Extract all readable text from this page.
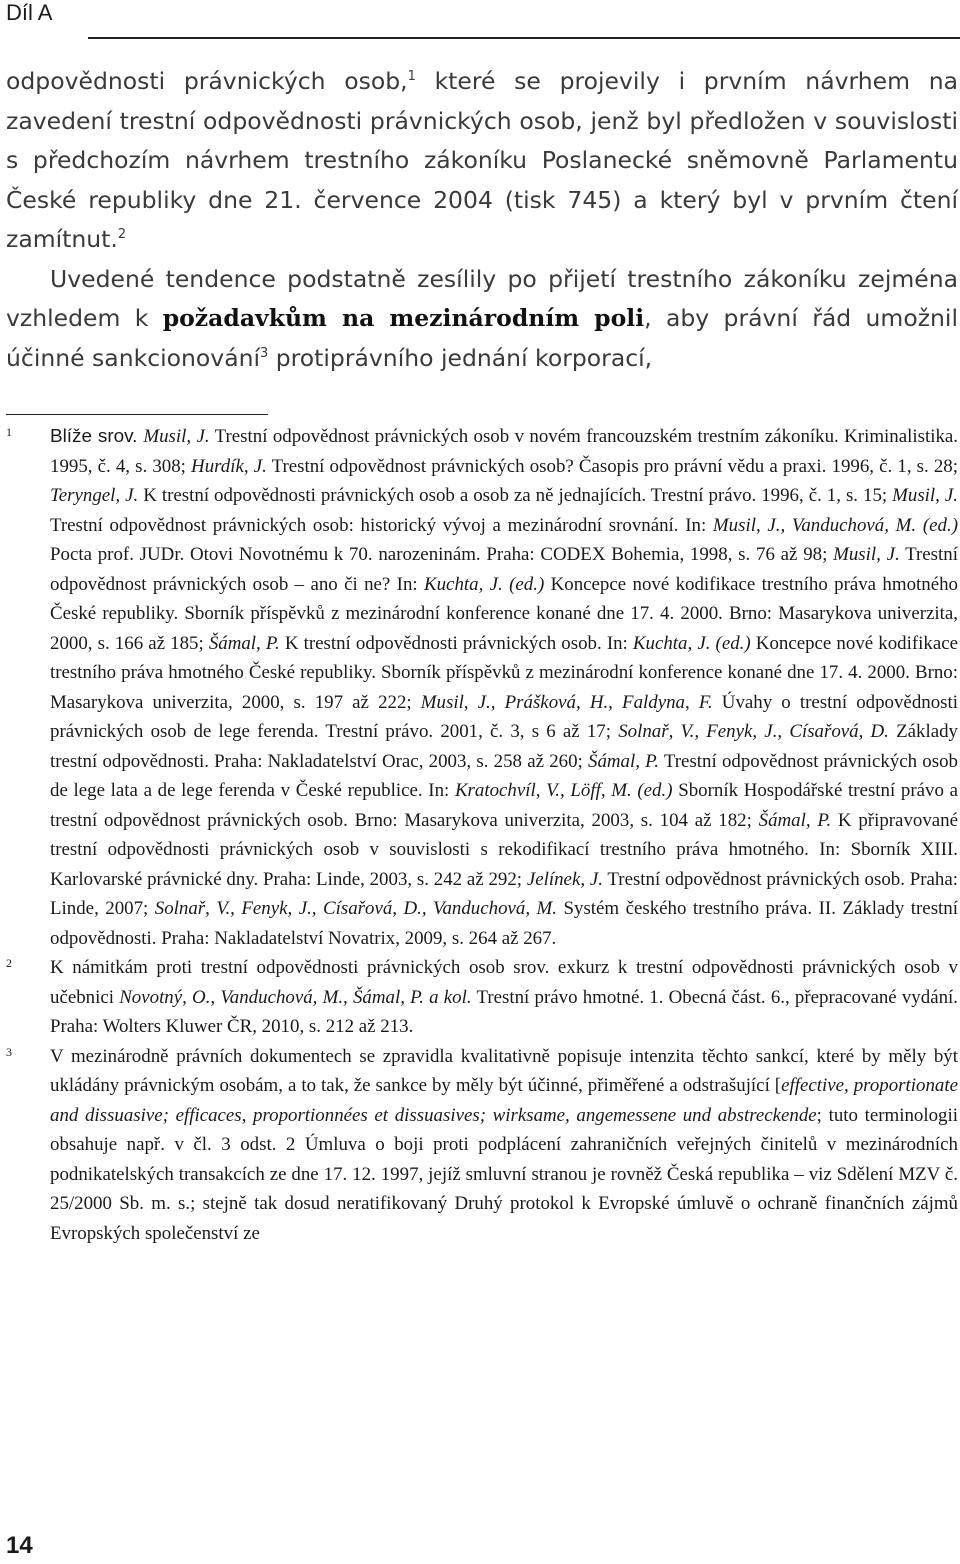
Díl A

odpovědnosti právnických osob,$^1$ které se projevily i prvním návrhem na zavedení trestní odpovědnosti právnických osob, jenž byl předložen v souvislosti s předchozím návrhem trestního zákoníku Poslanecké sněmovně Parlamentu České republiky dne 21. července 2004 (tisk 745) a který byl v prvním čtení zamítnut.$^2$

Uvedené tendence podstatně zesílily po přijetí trestního zákoníku zejména vzhledem k požadavkům na mezinárodním poli, aby právní řád umožnil účinné sankcionování$^3$ protiprávního jednání korporací,

1 Blíže srov. Musil, J. Trestní odpovědnost právnických osob v novém francouzském trestním zákoníku. Kriminalistika. 1995, č. 4, s. 308; Hurdík, J. Trestní odpovědnost právnických osob? Časopis pro právní vědu a praxi. 1996, č. 1, s. 28; Teryngel, J. K trestní odpovědnosti právnických osob a osob za ně jednajících. Trestní právo. 1996, č. 1, s. 15; Musil, J. Trestní odpovědnost právnických osob: historický vývoj a mezinárodní srovnání. In: Musil, J., Vanduchová, M. (ed.) Pocta prof. JUDr. Otovi Novotnému k 70. narozeninám. Praha: CODEX Bohemia, 1998, s. 76 až 98; Musil, J. Trestní odpovědnost právnických osob – ano či ne? In: Kuchta, J. (ed.) Koncepce nové kodifikace trestního práva hmotného České republiky. Sborník příspěvků z mezinárodní konference konané dne 17. 4. 2000. Brno: Masarykova univerzita, 2000, s. 166 až 185; Šámal, P. K trestní odpovědnosti právnických osob. In: Kuchta, J. (ed.) Koncepce nové kodifikace trestního práva hmotného České republiky. Sborník příspěvků z mezinárodní konference konané dne 17. 4. 2000. Brno: Masarykova univerzita, 2000, s. 197 až 222; Musil, J., Prášková, H., Faldyna, F. Úvahy o trestní odpovědnosti právnických osob de lege ferenda. Trestní právo. 2001, č. 3, s 6 až 17; Solnař, V., Fenyk, J., Císařová, D. Základy trestní odpovědnosti. Praha: Nakladatelství Orac, 2003, s. 258 až 260; Šámal, P. Trestní odpovědnost právnických osob de lege lata a de lege ferenda v České republice. In: Kratochvíl, V., Lӧff, M. (ed.) Sborník Hospodářské trestní právo a trestní odpovědnost právnických osob. Brno: Masarykova univerzita, 2003, s. 104 až 182; Šámal, P. K připravované trestní odpovědnosti právnických osob v souvislosti s rekodifikací trestního práva hmotného. In: Sborník XIII. Karlovarské právnické dny. Praha: Linde, 2003, s. 242 až 292; Jelínek, J. Trestní odpovědnost právnických osob. Praha: Linde, 2007; Solnař, V., Fenyk, J., Císařová, D., Vanduchová, M. Systém českého trestního práva. II. Základy trestní odpovědnosti. Praha: Nakladatelství Novatrix, 2009, s. 264 až 267.
2 K námitkám proti trestní odpovědnosti právnických osob srov. exkurz k trestní odpovědnosti právnických osob v učebnici Novotný, O., Vanduchová, M., Šámal, P. a kol. Trestní právo hmotné. 1. Obecná část. 6., přepracované vydání. Praha: Wolters Kluwer ČR, 2010, s. 212 až 213.
3 V mezinárodně právních dokumentech se zpravidla kvalitativně popisuje intenzita těchto sankcí, které by měly být ukládány právnickým osobám, a to tak, že sankce by měly být účinné, přiměřené a odstrašující [effective, proportionate and dissuasive; efficaces, proportionnées et dissuasives; wirksame, angemessene und abstreckende; tuto terminologii obsahuje např. v čl. 3 odst. 2 Úmluva o boji proti podplácení zahraničních veřejných činitelů v mezinárodních podnikatelských transakcích ze dne 17. 12. 1997, jejíž smluvní stranou je rovněž Česká republika – viz Sdělení MZV č. 25/2000 Sb. m. s.; stejně tak dosud neratifikovaný Druhý protokol k Evropské úmluvě o ochraně finančních zájmů Evropských společenství ze
14
